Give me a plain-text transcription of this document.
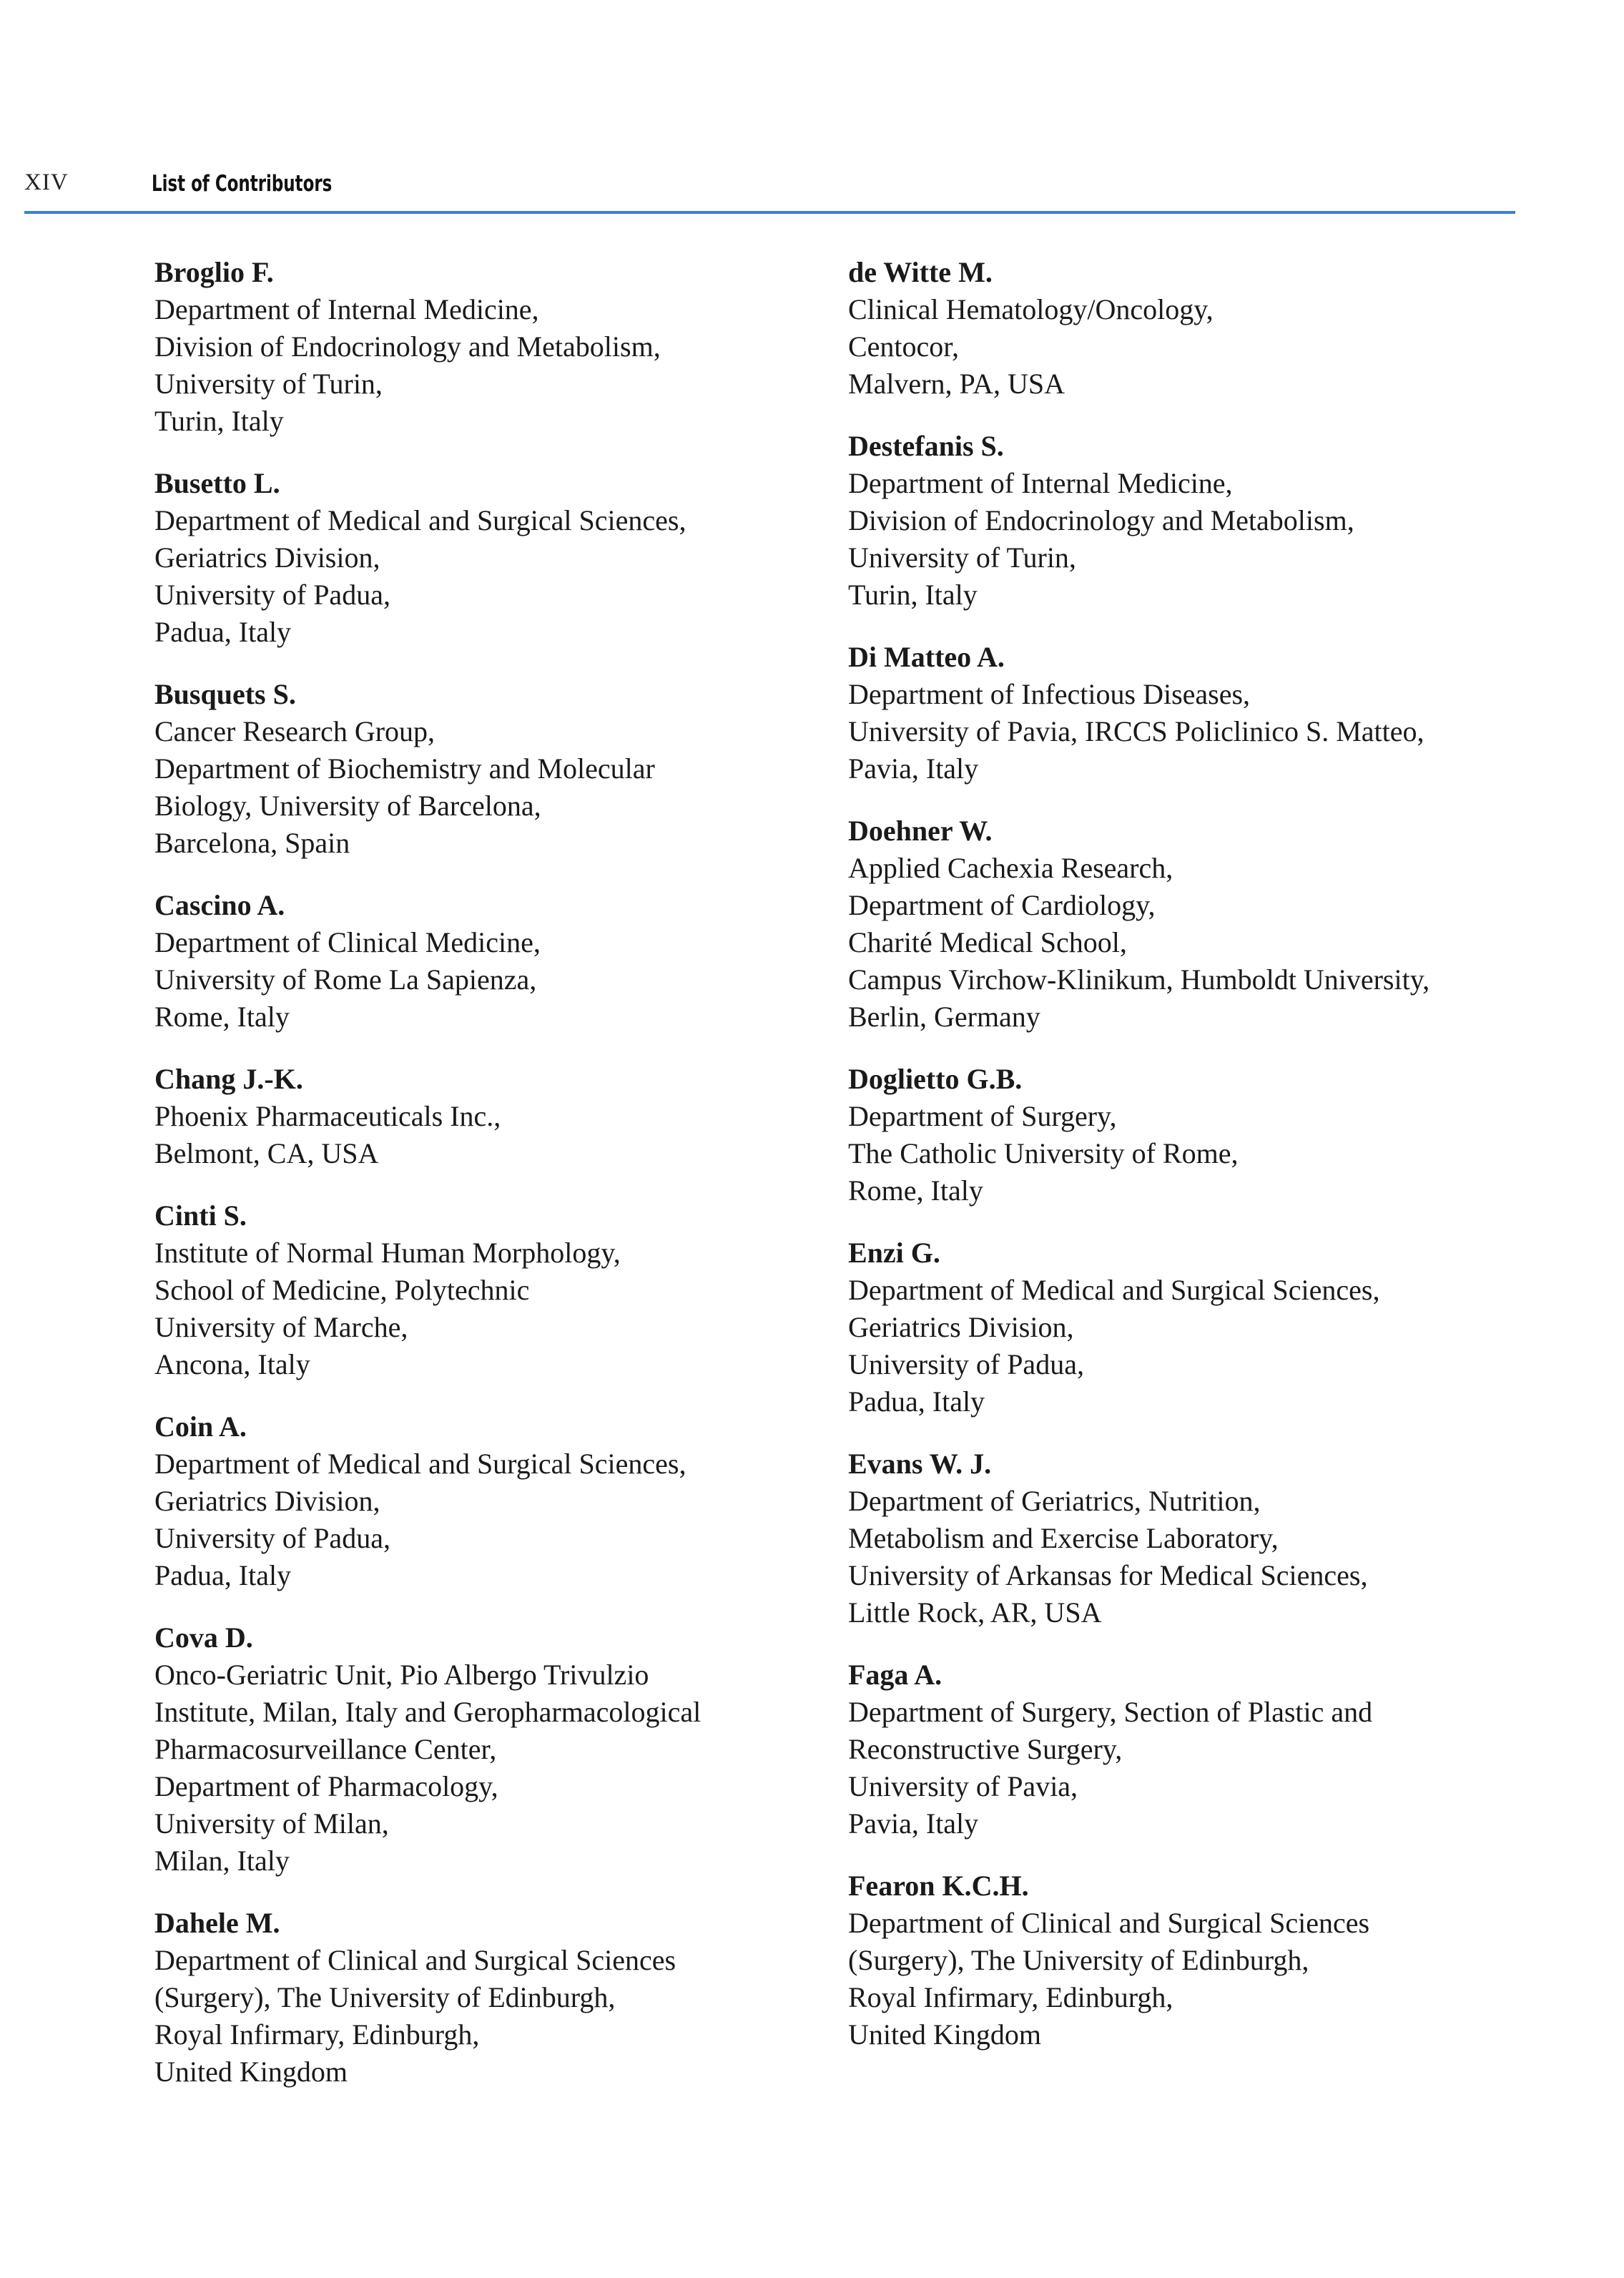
XIV	List of Contributors
Broglio F.
Department of Internal Medicine,
Division of Endocrinology and Metabolism,
University of Turin,
Turin, Italy
Busetto L.
Department of Medical and Surgical Sciences,
Geriatrics Division,
University of Padua,
Padua, Italy
Busquets S.
Cancer Research Group,
Department of Biochemistry and Molecular
Biology, University of Barcelona,
Barcelona, Spain
Cascino A.
Department of Clinical Medicine,
University of Rome La Sapienza,
Rome, Italy
Chang J.-K.
Phoenix Pharmaceuticals Inc.,
Belmont, CA, USA
Cinti S.
Institute of Normal Human Morphology,
School of Medicine, Polytechnic
University of Marche,
Ancona, Italy
Coin A.
Department of Medical and Surgical Sciences,
Geriatrics Division,
University of Padua,
Padua, Italy
Cova D.
Onco-Geriatric Unit, Pio Albergo Trivulzio
Institute, Milan, Italy and Geropharmacological
Pharmacosurveillance Center,
Department of Pharmacology,
University of Milan,
Milan, Italy
Dahele M.
Department of Clinical and Surgical Sciences
(Surgery), The University of Edinburgh,
Royal Infirmary, Edinburgh,
United Kingdom
de Witte M.
Clinical Hematology/Oncology,
Centocor,
Malvern, PA, USA
Destefanis S.
Department of Internal Medicine,
Division of Endocrinology and Metabolism,
University of Turin,
Turin, Italy
Di Matteo A.
Department of Infectious Diseases,
University of Pavia, IRCCS Policlinico S. Matteo,
Pavia, Italy
Doehner W.
Applied Cachexia Research,
Department of Cardiology,
Charité Medical School,
Campus Virchow-Klinikum, Humboldt University,
Berlin, Germany
Doglietto G.B.
Department of Surgery,
The Catholic University of Rome,
Rome, Italy
Enzi G.
Department of Medical and Surgical Sciences,
Geriatrics Division,
University of Padua,
Padua, Italy
Evans W. J.
Department of Geriatrics, Nutrition,
Metabolism and Exercise Laboratory,
University of Arkansas for Medical Sciences,
Little Rock, AR, USA
Faga A.
Department of Surgery, Section of Plastic and
Reconstructive Surgery,
University of Pavia,
Pavia, Italy
Fearon K.C.H.
Department of Clinical and Surgical Sciences
(Surgery), The University of Edinburgh,
Royal Infirmary, Edinburgh,
United Kingdom
